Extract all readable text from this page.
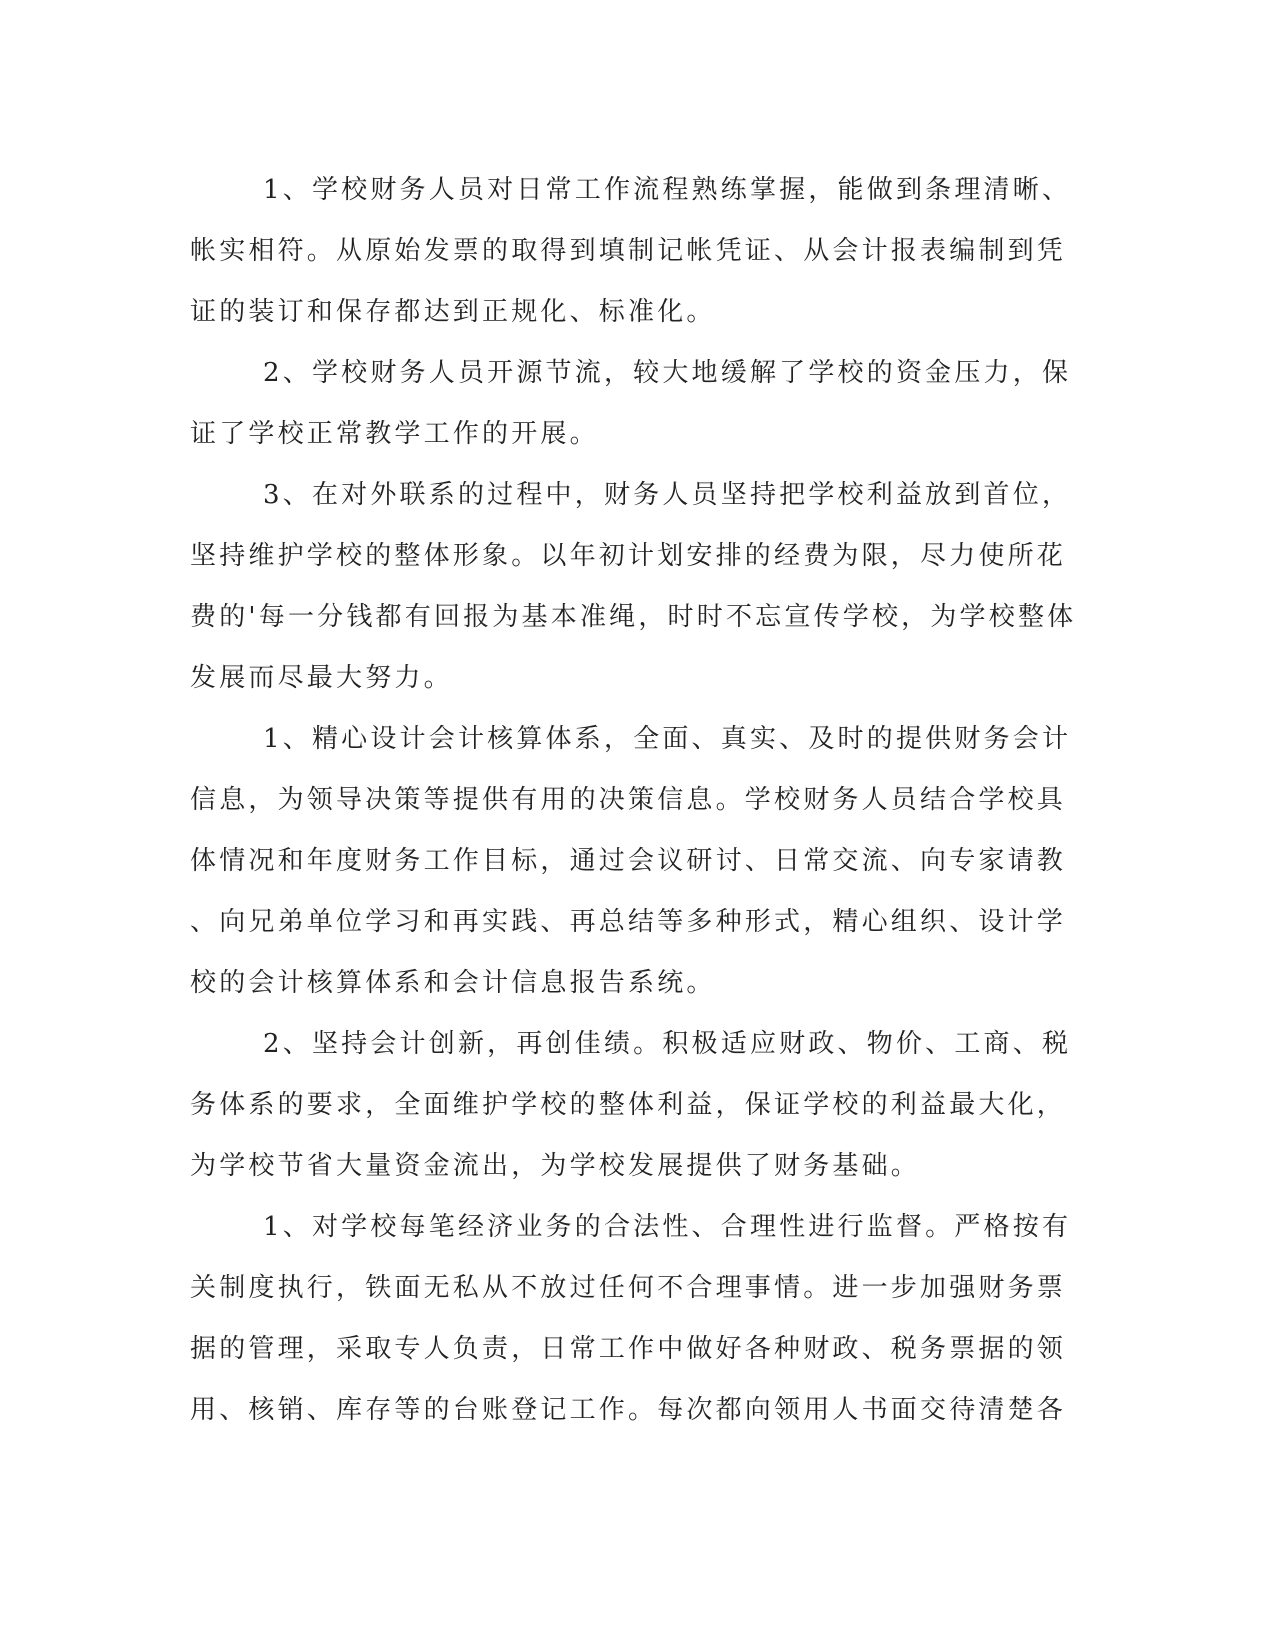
1、学校财务人员对日常工作流程熟练掌握，能做到条理清晰、
帐实相符。从原始发票的取得到填制记帐凭证、从会计报表编制到凭
证的装订和保存都达到正规化、标准化。
2、学校财务人员开源节流，较大地缓解了学校的资金压力，保
证了学校正常教学工作的开展。
3、在对外联系的过程中，财务人员坚持把学校利益放到首位，
坚持维护学校的整体形象。以年初计划安排的经费为限，尽力使所花
费的'每一分钱都有回报为基本准绳，时时不忘宣传学校，为学校整体
发展而尽最大努力。
1、精心设计会计核算体系，全面、真实、及时的提供财务会计
信息，为领导决策等提供有用的决策信息。学校财务人员结合学校具
体情况和年度财务工作目标，通过会议研讨、日常交流、向专家请教
、向兄弟单位学习和再实践、再总结等多种形式，精心组织、设计学
校的会计核算体系和会计信息报告系统。
2、坚持会计创新，再创佳绩。积极适应财政、物价、工商、税
务体系的要求，全面维护学校的整体利益，保证学校的利益最大化，
为学校节省大量资金流出，为学校发展提供了财务基础。
1、对学校每笔经济业务的合法性、合理性进行监督。严格按有
关制度执行，铁面无私从不放过任何不合理事情。进一步加强财务票
据的管理，采取专人负责，日常工作中做好各种财政、税务票据的领
用、核销、库存等的台账登记工作。每次都向领用人书面交待清楚各
